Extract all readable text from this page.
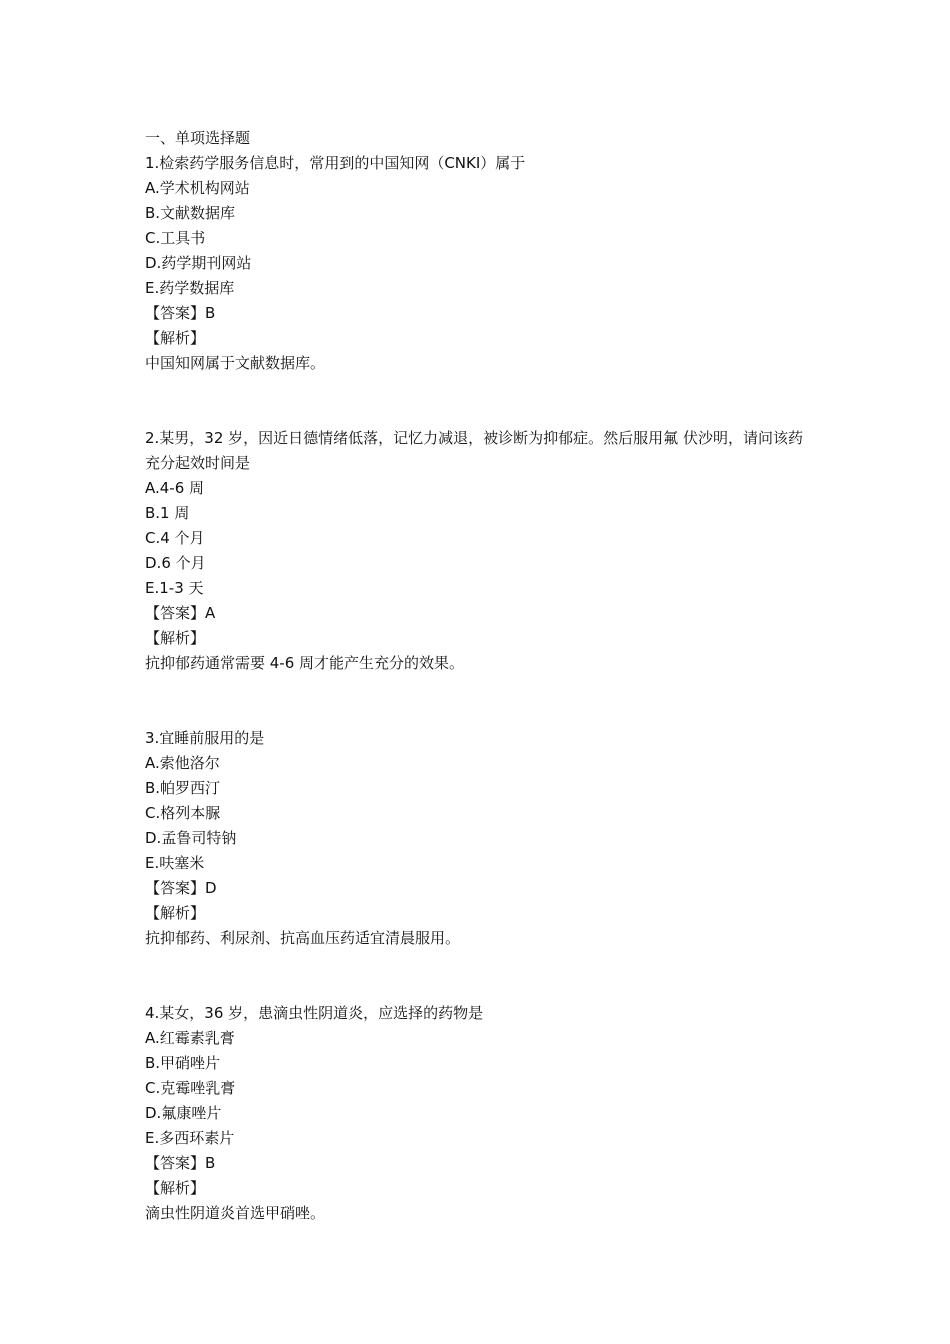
一、单项选择题
1.检索药学服务信息时，常用到的中国知网（CNKI）属于
A.学术机构网站
B.文献数据库
C.工具书
D.药学期刊网站
E.药学数据库
【答案】B
【解析】
中国知网属于文献数据库。
2.某男，32 岁，因近日德情绪低落，记忆力减退，被诊断为抑郁症。然后服用氟 伏沙明，请问该药充分起效时间是
A.4-6 周
B.1 周
C.4 个月
D.6 个月
E.1-3 天
【答案】A
【解析】
抗抑郁药通常需要 4-6 周才能产生充分的效果。
3.宜睡前服用的是
A.索他洛尔
B.帕罗西汀
C.格列本脲
D.孟鲁司特钠
E.呋塞米
【答案】D
【解析】
抗抑郁药、利尿剂、抗高血压药适宜清晨服用。
4.某女，36 岁，患滴虫性阴道炎，应选择的药物是
A.红霉素乳膏
B.甲硝唑片
C.克霉唑乳膏
D.氟康唑片
E.多西环素片
【答案】B
【解析】
滴虫性阴道炎首选甲硝唑。
